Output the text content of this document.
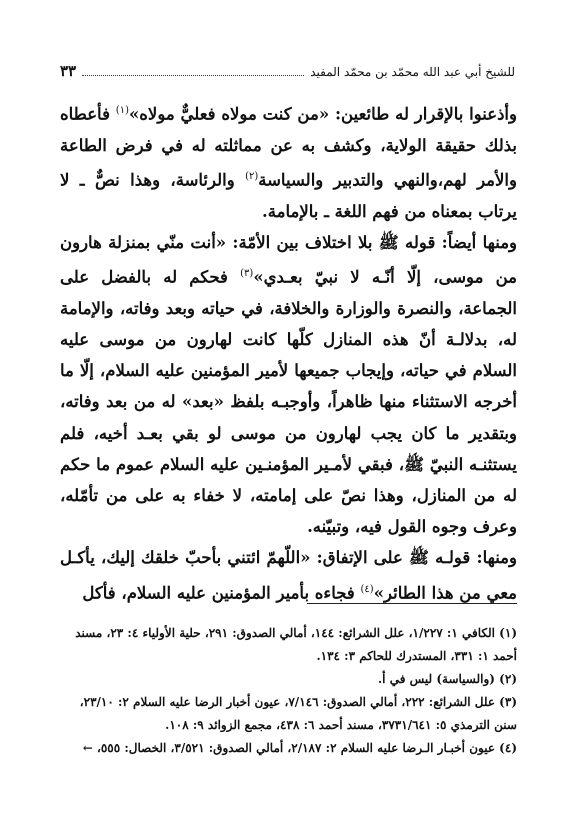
للشيخ أبي عبد الله محمّد بن محمّد المفيد
٣٣

وأذعنوا بالإقرار له طائعين: «من كنت مولاه فعليٌّ مولاه»$^{(١)}$ فأعطاه بذلك حقيقة الولاية، وكشف به عن مماثلته له في فرض الطاعة والأمر لهم،والنهي والتدبير والسياسة$^{(٢)}$ والرئاسة، وهذا نصٌّ ـ لا يرتاب بمعناه من فهم اللغة ـ بالإمامة.

ومنها أيضاً: قوله ﷺ بلا اختلاف بين الأمّة: «أنت منّي بمنزلة هارون من موسى، إلّا أنّـه لا نبيّ بعـدي»$^{(٣)}$ فحكم له بالفضل على الجماعة، والنصرة والوزارة والخلافة، في حياته وبعد وفاته، والإمامة له، بدلالـة أنّ هذه المنازل كلّها كانت لهارون من موسى عليه السلام في حياته، وإيجاب جميعها لأمير المؤمنين عليه السلام، إلّا ما أخرجه الاستثناء منها ظاهراً، وأوجبـه بلفظ «بعد» له من بعد وفاته، وبتقدير ما كان يجب لهارون من موسى لو بقي بعـد أخيه، فلم يستثنـه النبيّ ﷺ، فبقي لأمـير المؤمنـين عليه السلام عموم ما حكم له من المنازل، وهذا نصّ على إمامته، لا خفاء به على من تأمّله، وعرف وجوه القول فيه، وتبيّنه.

ومنها: قولـه ﷺ على الإتفاق: «اللّهمّ ائتني بأحبّ خلقك إليك، يأكـل معي من هذا الطائر»$^{(٤)}$ فجاءه بأمير المؤمنين عليه السلام، فأكل

(١) الكافي ١: ١/٢٢٧، علل الشرائع: ١٤٤، أمالي الصدوق: ٢٩١، حلية الأولياء ٤: ٢٣، مسند أحمد ١: ٣٣١، المستدرك للحاكم ٣: ١٣٤.

(٢) (والسياسة) ليس في أ.

(٣) علل الشرائع: ٢٢٢، أمالي الصدوق: ٧/١٤٦، عيون أخبار الرضا عليه السلام ٢: ٢٣/١٠، سنن الترمذي ٥: ٣٧٣١/٦٤١، مسند أحمد ٦: ٤٣٨، مجمع الزوائد ٩: ١٠٨.

(٤) عيون أخبـار الـرضا عليه السلام ٢: ٢/١٨٧، أمالي الصدوق: ٣/٥٢١، الخصال: ٥٥٥، ←
